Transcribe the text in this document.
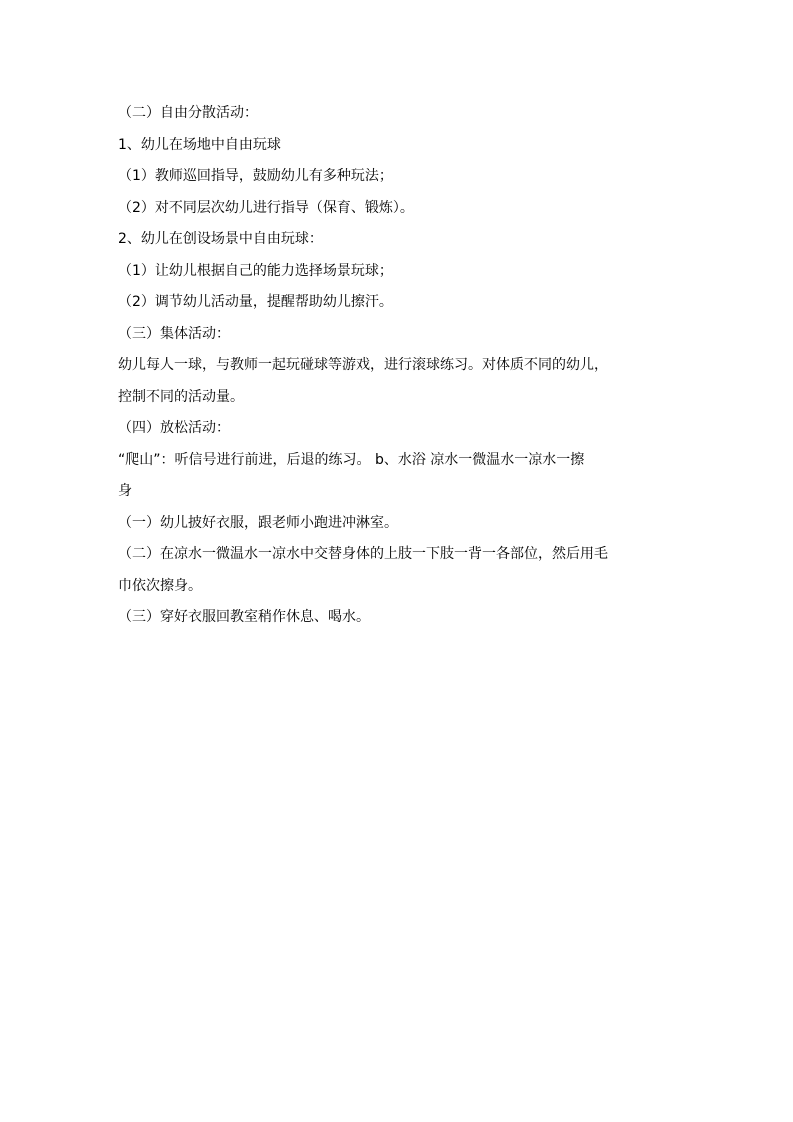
（二）自由分散活动：
1、幼儿在场地中自由玩球
（1）教师巡回指导，鼓励幼儿有多种玩法；
（2）对不同层次幼儿进行指导（保育、锻炼）。
2、幼儿在创设场景中自由玩球：
（1）让幼儿根据自己的能力选择场景玩球；
（2）调节幼儿活动量，提醒帮助幼儿擦汗。
（三）集体活动：
幼儿每人一球，与教师一起玩碰球等游戏，进行滚球练习。对体质不同的幼儿，
控制不同的活动量。
（四）放松活动：
“爬山”：听信号进行前进，后退的练习。 b、水浴 凉水一微温水一凉水一擦
身
（一）幼儿披好衣服，跟老师小跑进冲淋室。
（二）在凉水一微温水一凉水中交替身体的上肢一下肢一背一各部位，然后用毛
巾依次擦身。
（三）穿好衣服回教室稍作休息、喝水。
